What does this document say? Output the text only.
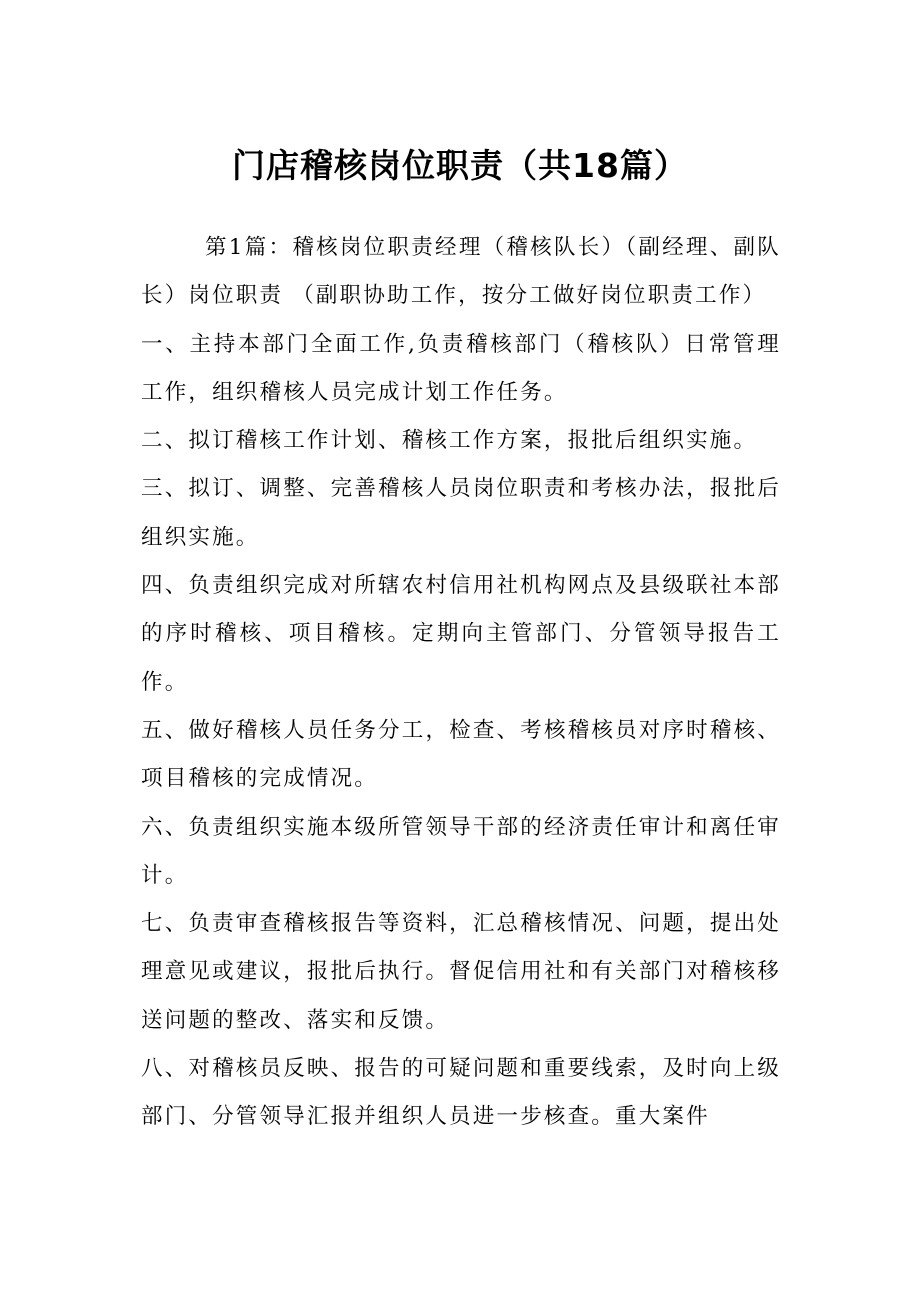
门店稽核岗位职责（共18篇）

第1篇：稽核岗位职责经理（稽核队长）（副经理、副队长）岗位职责 （副职协助工作，按分工做好岗位职责工作）

一、主持本部门全面工作,负责稽核部门（稽核队）日常管理工作，组织稽核人员完成计划工作任务。

二、拟订稽核工作计划、稽核工作方案，报批后组织实施。

三、拟订、调整、完善稽核人员岗位职责和考核办法，报批后组织实施。

四、负责组织完成对所辖农村信用社机构网点及县级联社本部的序时稽核、项目稽核。定期向主管部门、分管领导报告工作。

五、做好稽核人员任务分工，检查、考核稽核员对序时稽核、项目稽核的完成情况。

六、负责组织实施本级所管领导干部的经济责任审计和离任审计。

七、负责审查稽核报告等资料，汇总稽核情况、问题，提出处理意见或建议，报批后执行。督促信用社和有关部门对稽核移送问题的整改、落实和反馈。

八、对稽核员反映、报告的可疑问题和重要线索，及时向上级部门、分管领导汇报并组织人员进一步核查。重大案件
